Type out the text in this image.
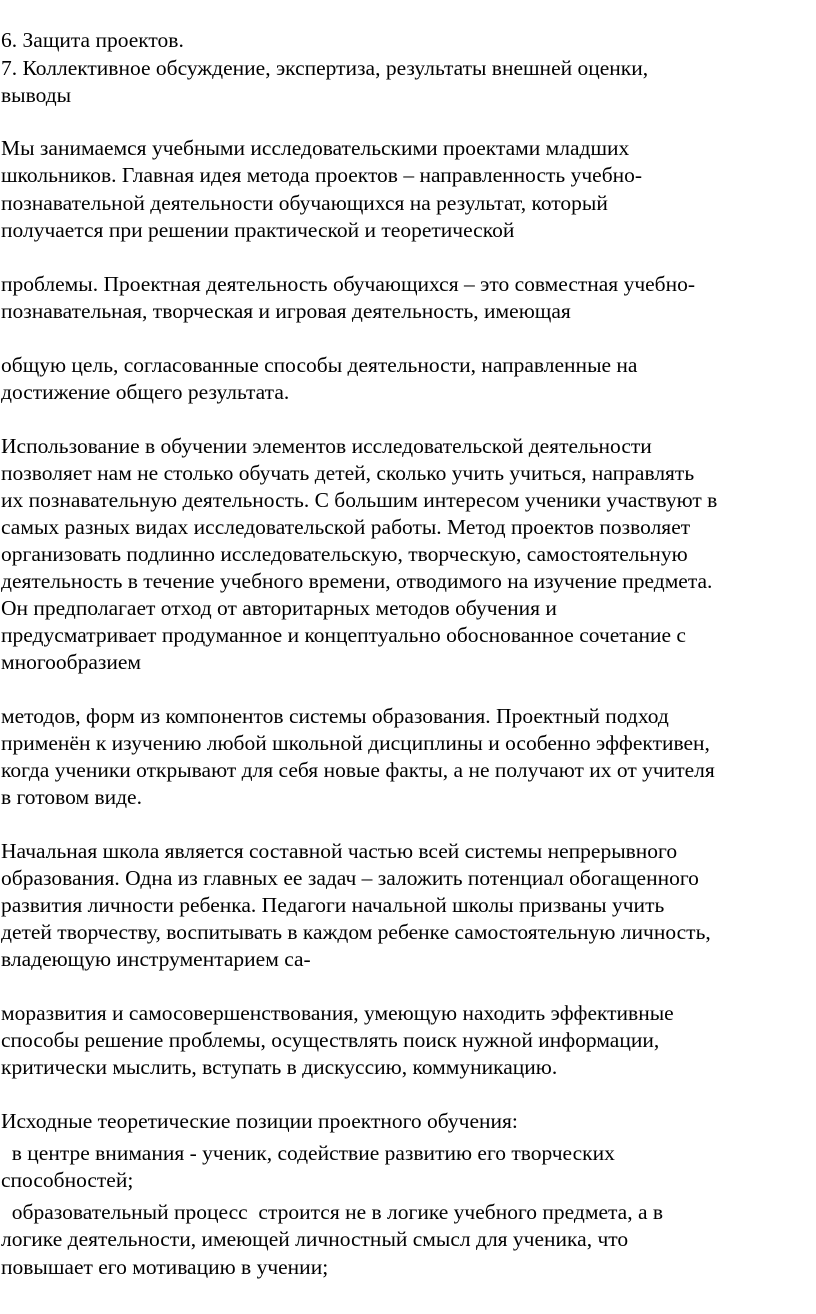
6. Защита проектов.
7. Коллективное обсуждение, экспертиза, результаты внешней оценки,
выводы
Мы занимаемся учебными исследовательскими проектами младших
школьников. Главная идея метода проектов – направленность учебно-
познавательной деятельности обучающихся на результат, который
получается при решении практической и теоретической
проблемы. Проектная деятельность обучающихся – это совместная учебно-
познавательная, творческая и игровая деятельность, имеющая
общую цель, согласованные способы деятельности, направленные на
достижение общего результата.
Использование в обучении элементов исследовательской деятельности
позволяет нам не столько обучать детей, сколько учить учиться, направлять
их познавательную деятельность. С большим интересом ученики участвуют в
самых разных видах исследовательской работы. Метод проектов позволяет
организовать подлинно исследовательскую, творческую, самостоятельную
деятельность в течение учебного времени, отводимого на изучение предмета.
Он предполагает отход от авторитарных методов обучения и
предусматривает продуманное и концептуально обоснованное сочетание с
многообразием
методов, форм из компонентов системы образования. Проектный подход
применён к изучению любой школьной дисциплины и особенно эффективен,
когда ученики открывают для себя новые факты, а не получают их от учителя
в готовом виде.
Начальная школа является составной частью всей системы непрерывного
образования. Одна из главных ее задач – заложить потенциал обогащенного
развития личности ребенка. Педагоги начальной школы призваны учить
детей творчеству, воспитывать в каждом ребенке самостоятельную личность,
владеющую инструментарием са-
моразвития и самосовершенствования, умеющую находить эффективные
способы решение проблемы, осуществлять поиск нужной информации,
критически мыслить, вступать в дискуссию, коммуникацию.
Исходные теоретические позиции проектного обучения:
в центре внимания - ученик, содействие развитию его творческих
способностей;
образовательный процесс  строится не в логике учебного предмета, а в
логике деятельности, имеющей личностный смысл для ученика, что
повышает его мотивацию в учении;
